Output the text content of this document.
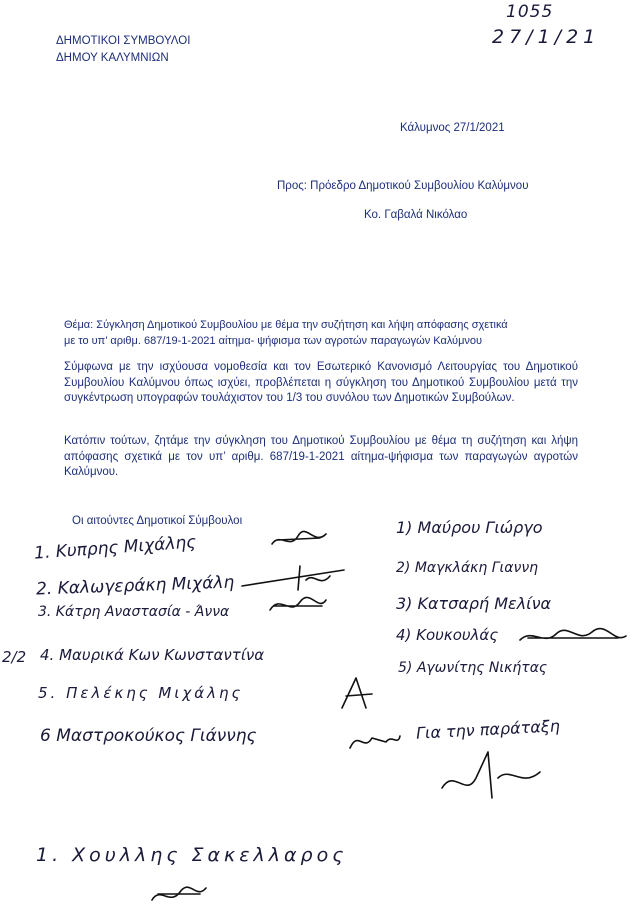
ΔΗΜΟΤΙΚΟΙ ΣΥΜΒΟΥΛΟΙ
ΔΗΜΟΥ ΚΑΛΥΜΝΙΩΝ
1055
27/1/21
Κάλυμνος 27/1/2021
Προς: Πρόεδρο Δημοτικού Συμβουλίου Καλύμνου
Κο. Γαβαλά Νικόλαο
Θέμα: Σύγκληση Δημοτικού Συμβουλίου με θέμα την συζήτηση και λήψη απόφασης σχετικά
με το υπ’ αριθμ. 687/19-1-2021 αίτημα- ψήφισμα των αγροτών παραγωγών Καλύμνου
Σύμφωνα με την ισχύουσα νομοθεσία και τον Εσωτερικό Κανονισμό Λειτουργίας του Δημοτικού Συμβουλίου Καλύμνου όπως ισχύει, προβλέπεται η σύγκληση του Δημοτικού Συμβουλίου μετά την συγκέντρωση υπογραφών τουλάχιστον του 1/3 του συνόλου των Δημοτικών Συμβούλων.
Κατόπιν τούτων, ζητάμε την σύγκληση του Δημοτικού Συμβουλίου με θέμα τη συζήτηση και λήψη απόφασης σχετικά με τον υπ’ αριθμ. 687/19-1-2021 αίτημα-ψήφισμα των παραγωγών αγροτών Καλύμνου.
Οι αιτούντες Δημοτικοί Σύμβουλοι
1. Κυπρης Μιχάλης
2. Καλωγεράκη Μιχάλη
3. Κάτρη Αναστασία - Άννα
2/2 4. Μαυρικά Κων Κωνσταντίνα
5. Πελέκης Μιχάλης
6 Μαστροκούκος Γιάννης
1) Μαύρου Γιώργο
2) Μαγκλάκη Γιαννη
3) Κατσαρή Μελίνα
4) Κουκουλάς
5) Αγωνίτης Νικήτας
Για την παράταξη
1. Χουλλης Σακελλαρος
